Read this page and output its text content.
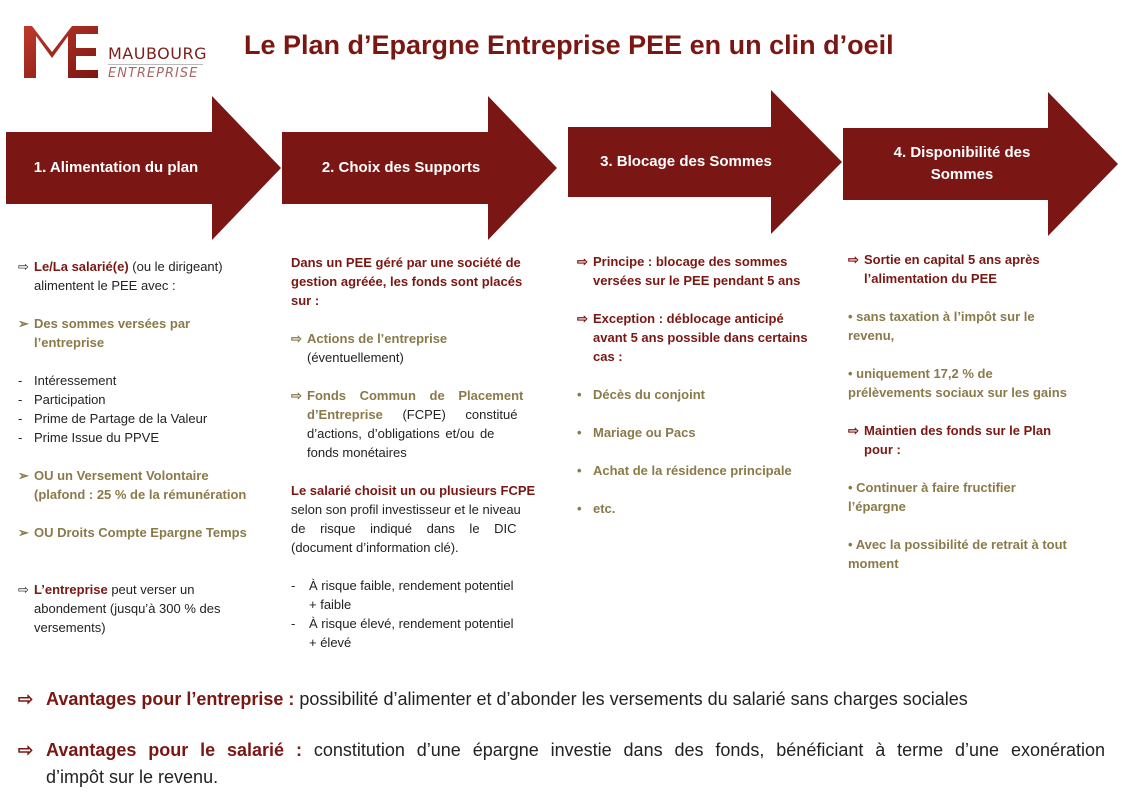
MAUBOURG
ENTREPRISE
Le Plan d’Epargne Entreprise PEE en un clin d’oeil
1. Alimentation du plan	2. Choix des Supports	3. Blocage des Sommes
4. Disponibilité des
Sommes

⇨ Le/La salarié(e) (ou le dirigeant)

alimentent le PEE avec :

➢ Des sommes versées par

l’entreprise

- Intéressement

- Participation

- Prime de Partage de la Valeur

- Prime Issue du PPVE

➢ OU un Versement Volontaire

(plafond : 25 % de la rémunération

➢ OU Droits Compte Epargne Temps

⇨ L’entreprise peut verser un

abondement (jusqu’à 300 % des

versements)

Dans un PEE géré par une société de

gestion agréée, les fonds sont placés

sur :

⇨ Actions de l’entreprise

(éventuellement)

⇨ Fonds Commun de Placement

d’Entreprise (FCPE) constitué

d’actions, d’obligations et/ou de

fonds monétaires

Le salarié choisit un ou plusieurs FCPE

selon son profil investisseur et le niveau

de risque indiqué dans le DIC

(document d’information clé).

- À risque faible, rendement potentiel

+ faible

- À risque élevé, rendement potentiel

+ élevé

⇨ Principe : blocage des sommes

versées sur le PEE pendant 5 ans

⇨ Exception : déblocage anticipé

avant 5 ans possible dans certains

cas :

• Décès du conjoint

• Mariage ou Pacs

• Achat de la résidence principale

• etc.

⇨ Sortie en capital 5 ans après

l’alimentation du PEE

• sans taxation à l’impôt sur le

revenu,

• uniquement 17,2 % de

prélèvements sociaux sur les gains

⇨ Maintien des fonds sur le Plan

pour :

• Continuer à faire fructifier

l’épargne

• Avec la possibilité de retrait à tout

moment

⇨ Avantages pour l’entreprise : possibilité d’alimenter et d’abonder les versements du salarié sans charges sociales
⇨ Avantages pour le salarié : constitution d’une épargne investie dans des fonds, bénéficiant à terme d’une exonération
d’impôt sur le revenu.
